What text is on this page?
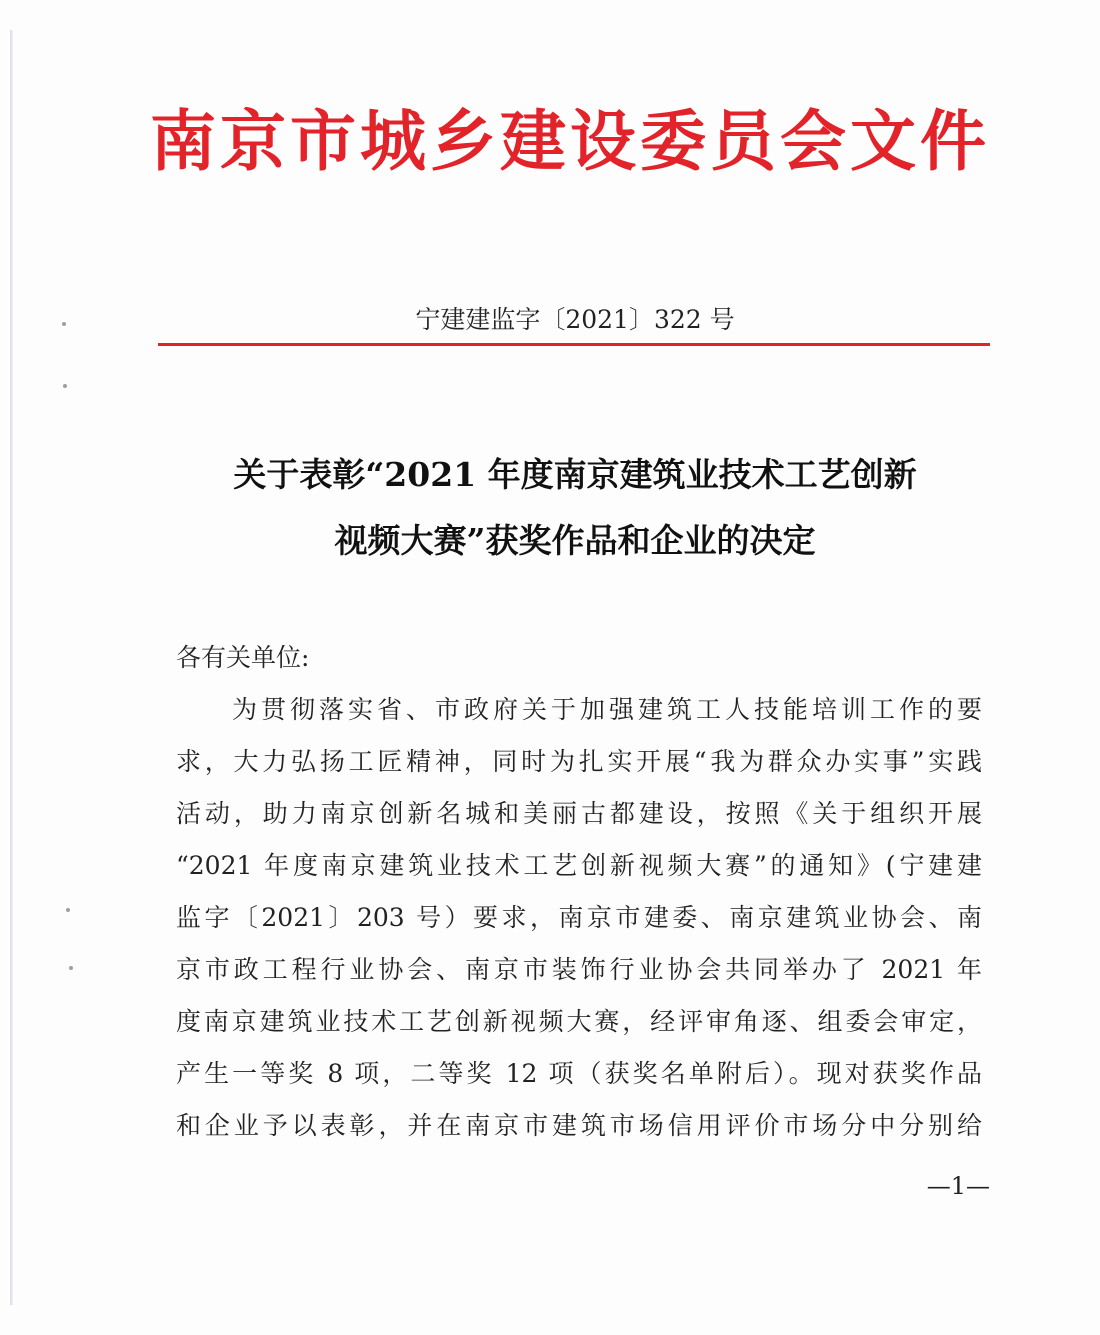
南京市城乡建设委员会文件
宁建建监字〔2021〕322 号
关于表彰“2021 年度南京建筑业技术工艺创新
视频大赛”获奖作品和企业的决定
各有关单位:
为贯彻落实省、市政府关于加强建筑工人技能培训工作的要
求，大力弘扬工匠精神，同时为扎实开展“我为群众办实事”实践
活动，助力南京创新名城和美丽古都建设，按照《关于组织开展
“2021 年度南京建筑业技术工艺创新视频大赛”的通知》(宁建建
监字〔2021〕203 号）要求，南京市建委、南京建筑业协会、南
京市政工程行业协会、南京市装饰行业协会共同举办了 2021 年
度南京建筑业技术工艺创新视频大赛，经评审角逐、组委会审定，
产生一等奖 8 项，二等奖 12 项（获奖名单附后）。现对获奖作品
和企业予以表彰，并在南京市建筑市场信用评价市场分中分别给
—1—
